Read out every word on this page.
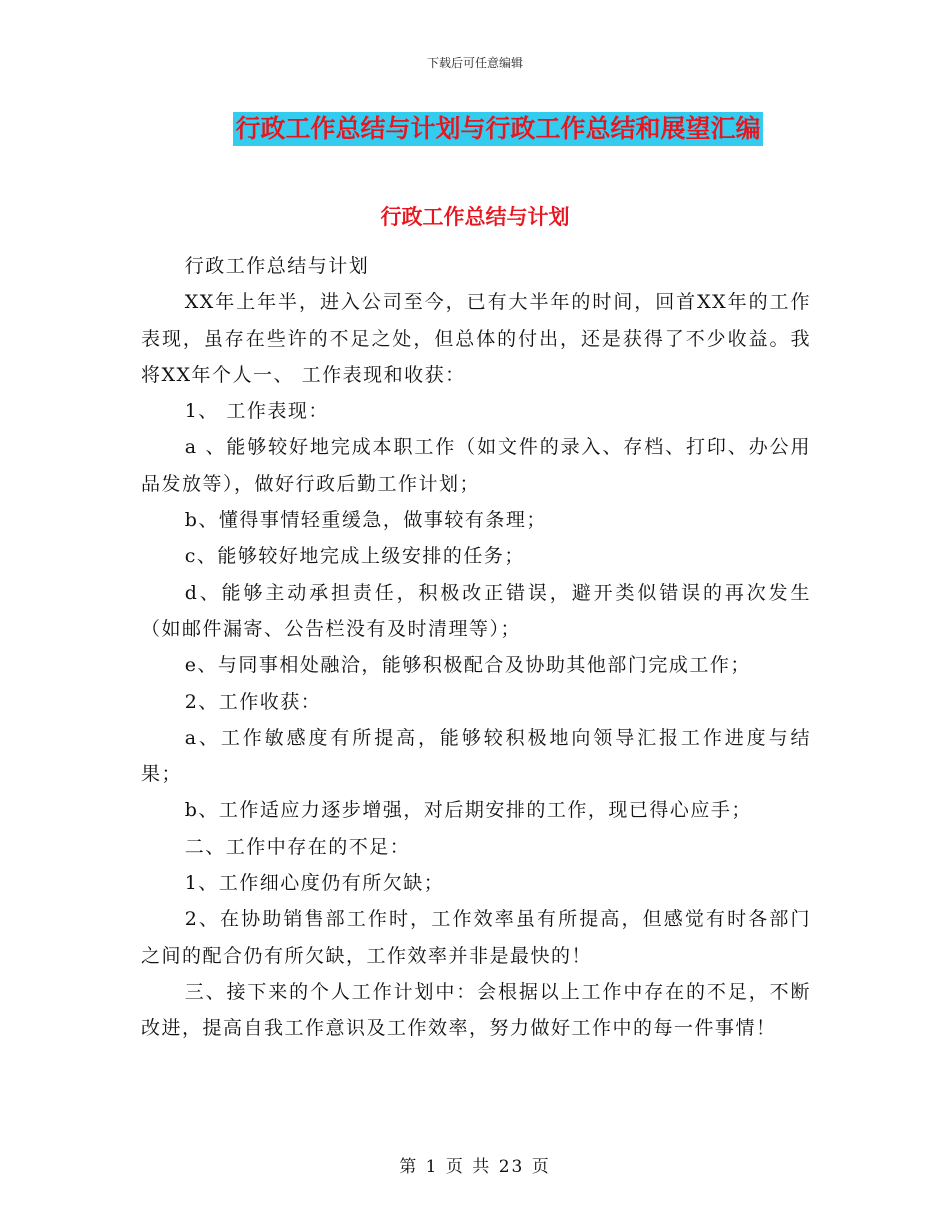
下载后可任意编辑
行政工作总结与计划与行政工作总结和展望汇编
行政工作总结与计划

行政工作总结与计划

XX年上年半，进入公司至今，已有大半年的时间，回首XX年的工作表现，虽存在些许的不足之处，但总体的付出，还是获得了不少收益。我将XX年个人一、 工作表现和收获：

1、 工作表现：

a 、能够较好地完成本职工作（如文件的录入、存档、打印、办公用品发放等），做好行政后勤工作计划；

b、懂得事情轻重缓急，做事较有条理；

c、能够较好地完成上级安排的任务；

d、能够主动承担责任，积极改正错误，避开类似错误的再次发生（如邮件漏寄、公告栏没有及时清理等）；

e、与同事相处融洽，能够积极配合及协助其他部门完成工作；

2、工作收获：

a、工作敏感度有所提高，能够较积极地向领导汇报工作进度与结果；

b、工作适应力逐步增强，对后期安排的工作，现已得心应手；

二、工作中存在的不足：

1、工作细心度仍有所欠缺；

2、在协助销售部工作时，工作效率虽有所提高，但感觉有时各部门之间的配合仍有所欠缺，工作效率并非是最快的！

三、接下来的个人工作计划中：会根据以上工作中存在的不足，不断改进，提高自我工作意识及工作效率，努力做好工作中的每一件事情！

第 1 页 共 23 页
